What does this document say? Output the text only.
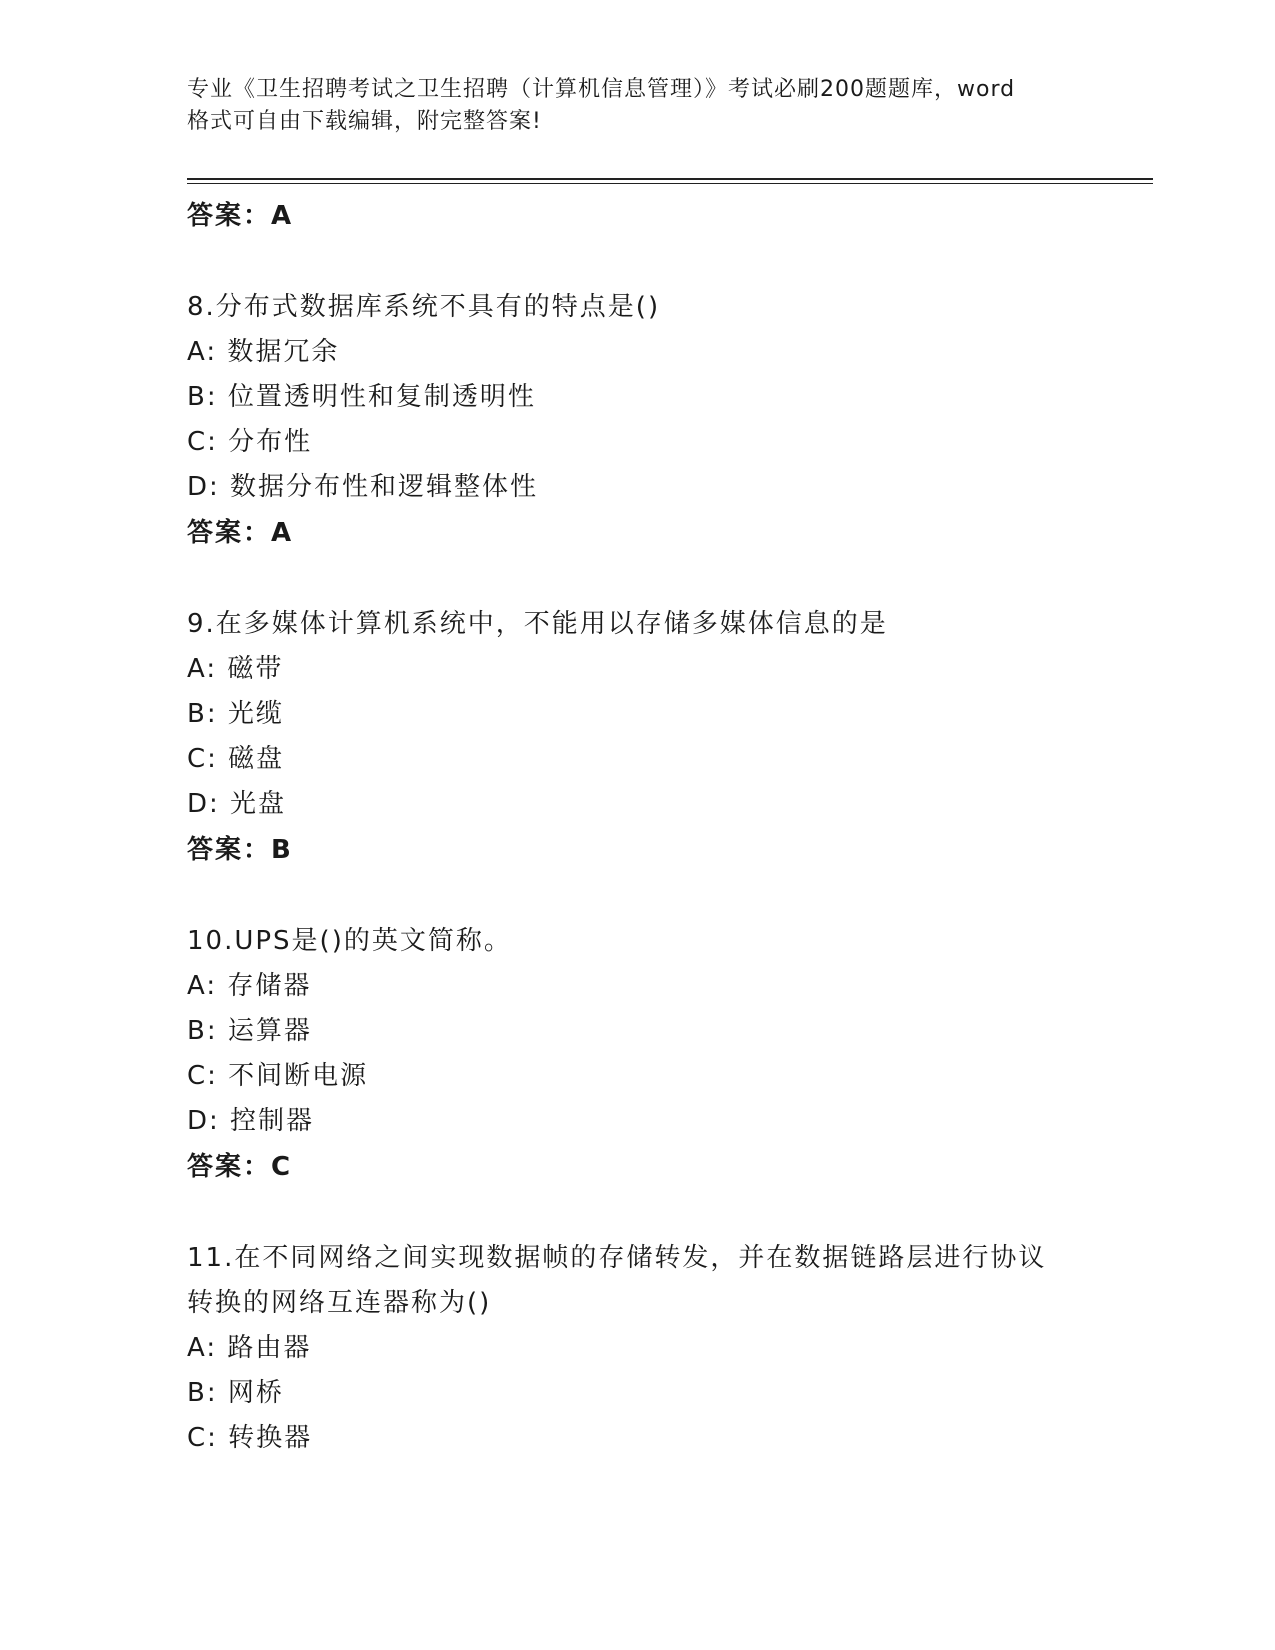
专业《卫生招聘考试之卫生招聘（计算机信息管理）》考试必刷200题题库，word
格式可自由下载编辑，附完整答案!
答案：A
8.分布式数据库系统不具有的特点是()
A: 数据冗余
B: 位置透明性和复制透明性
C: 分布性
D: 数据分布性和逻辑整体性
答案：A
9.在多媒体计算机系统中，不能用以存储多媒体信息的是
A: 磁带
B: 光缆
C: 磁盘
D: 光盘
答案：B
10.UPS是()的英文简称。
A: 存储器
B: 运算器
C: 不间断电源
D: 控制器
答案：C
11.在不同网络之间实现数据帧的存储转发，并在数据链路层进行协议
转换的网络互连器称为()
A: 路由器
B: 网桥
C: 转换器
